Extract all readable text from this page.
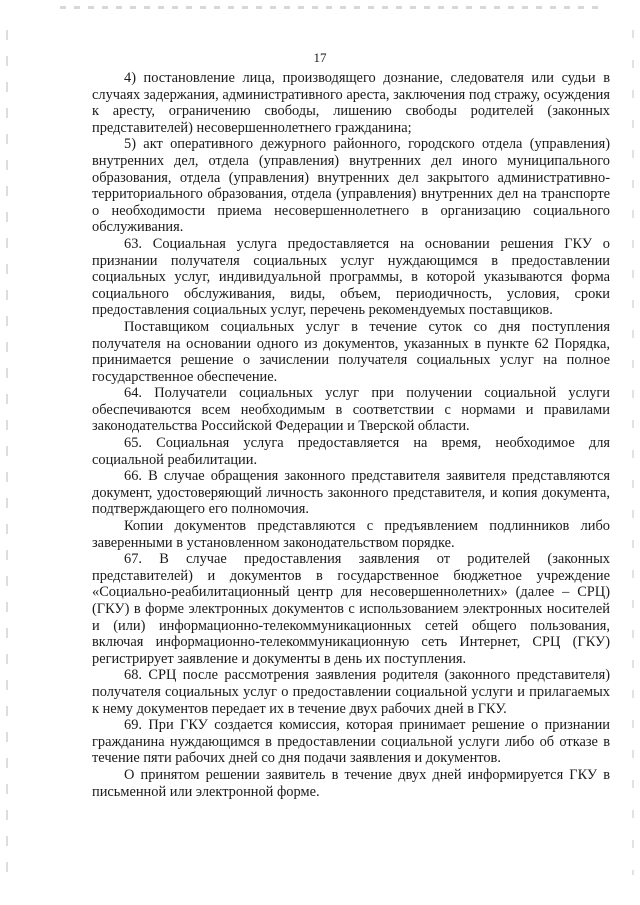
17

4) постановление лица, производящего дознание, следователя или судьи в случаях задержания, административного ареста, заключения под стражу, осуждения к аресту, ограничению свободы, лишению свободы родителей (законных представителей) несовершеннолетнего гражданина;

5) акт оперативного дежурного районного, городского отдела (управления) внутренних дел, отдела (управления) внутренних дел иного муниципального образования, отдела (управления) внутренних дел закрытого административно-территориального образования, отдела (управления) внутренних дел на транспорте о необходимости приема несовершеннолетнего в организацию социального обслуживания.

63. Социальная услуга предоставляется на основании решения ГКУ о признании получателя социальных услуг нуждающимся в предоставлении социальных услуг, индивидуальной программы, в которой указываются форма социального обслуживания, виды, объем, периодичность, условия, сроки предоставления социальных услуг, перечень рекомендуемых поставщиков.

Поставщиком социальных услуг в течение суток со дня поступления получателя на основании одного из документов, указанных в пункте 62 Порядка, принимается решение о зачислении получателя социальных услуг на полное государственное обеспечение.

64. Получатели социальных услуг при получении социальной услуги обеспечиваются всем необходимым в соответствии с нормами и правилами законодательства Российской Федерации и Тверской области.

65. Социальная услуга предоставляется на время, необходимое для социальной реабилитации.

66. В случае обращения законного представителя заявителя представляются документ, удостоверяющий личность законного представителя, и копия документа, подтверждающего его полномочия.

Копии документов представляются с предъявлением подлинников либо заверенными в установленном законодательством порядке.

67. В случае предоставления заявления от родителей (законных представителей) и документов в государственное бюджетное учреждение «Социально-реабилитационный центр для несовершеннолетних» (далее – СРЦ) (ГКУ) в форме электронных документов с использованием электронных носителей и (или) информационно-телекоммуникационных сетей общего пользования, включая информационно-телекоммуникационную сеть Интернет, СРЦ (ГКУ) регистрирует заявление и документы в день их поступления.

68. СРЦ после рассмотрения заявления родителя (законного представителя) получателя социальных услуг о предоставлении социальной услуги и прилагаемых к нему документов передает их в течение двух рабочих дней в ГКУ.

69. При ГКУ создается комиссия, которая принимает решение о признании гражданина нуждающимся в предоставлении социальной услуги либо об отказе в течение пяти рабочих дней со дня подачи заявления и документов.

О принятом решении заявитель в течение двух дней информируется ГКУ в письменной или электронной форме.
